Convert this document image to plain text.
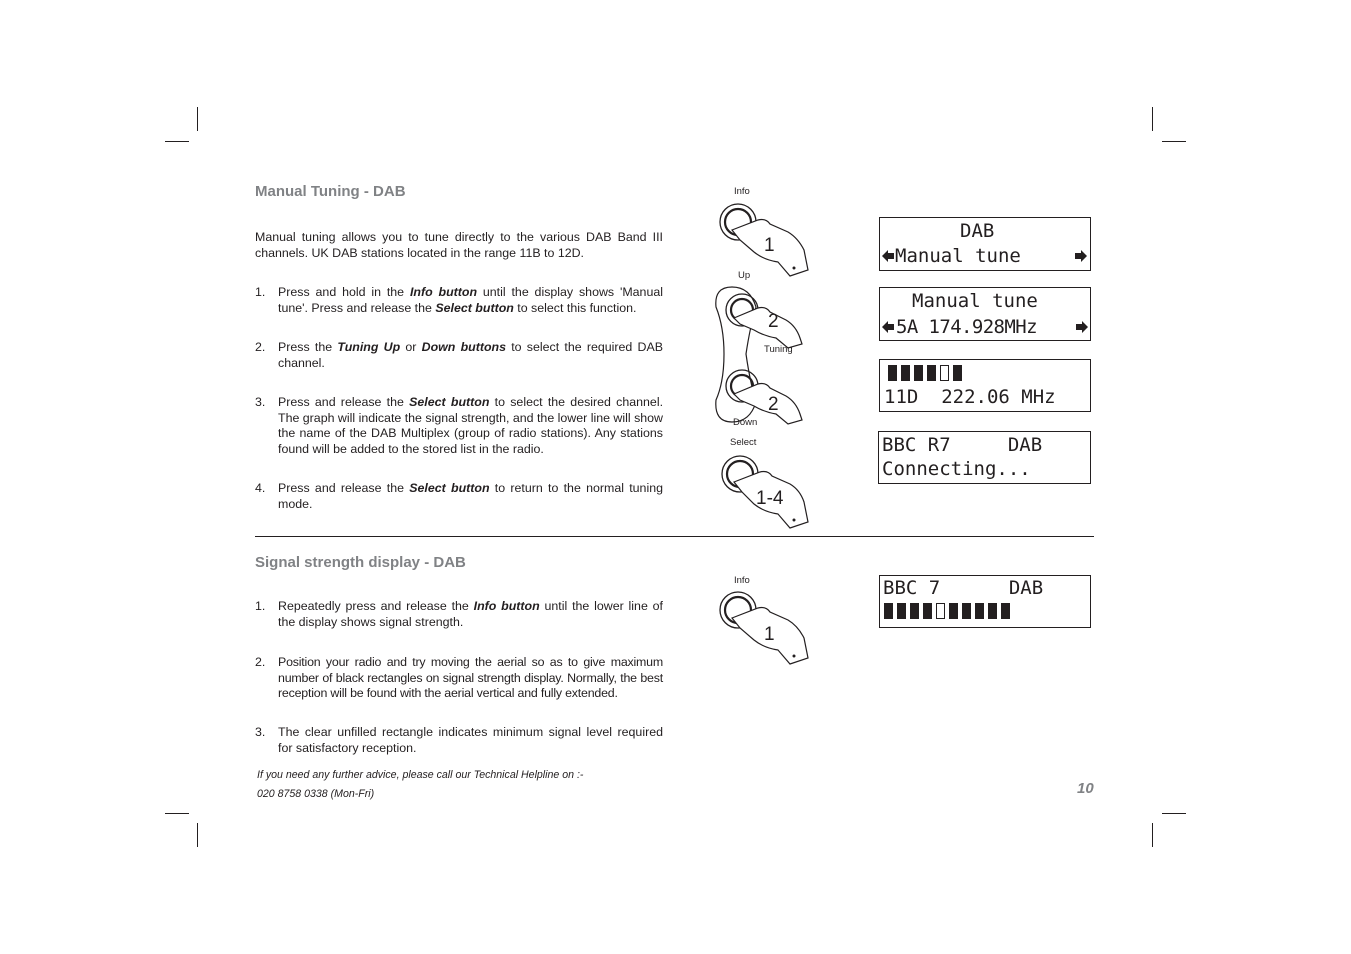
Manual Tuning - DAB
Manual tuning allows you to tune directly to the various DAB Band III channels. UK DAB stations located in the range 11B to 12D.
1. Press and hold in the Info button until the display shows 'Manual tune'. Press and release the Select button to select this function.
2. Press the Tuning Up or Down buttons to select the required DAB channel.
3. Press and release the Select button to select the desired channel. The graph will indicate the signal strength, and the lower line will show the name of the DAB Multiplex (group of radio stations). Any stations found will be added to the stored list in the radio.
4. Press and release the Select button to return to the normal tuning mode.
Signal strength display - DAB
1. Repeatedly press and release the Info button until the lower line of the display shows signal strength.
2. Position your radio and try moving the aerial so as to give maximum number of black rectangles on signal strength display. Normally, the best reception will be found with the aerial vertical and fully extended.
3. The clear unfilled rectangle indicates minimum signal level required for satisfactory reception.
If you need any further advice, please call our Technical Helpline on :-
020 8758 0338 (Mon-Fri)	10
Info
1
Up
2
Tuning
2
Down
Select
1-4
Info
1
DAB
Manual tune
Manual tune
5A 174.928MHz
11D  222.06 MHz
BBC R7     DAB
Connecting...
BBC 7      DAB
